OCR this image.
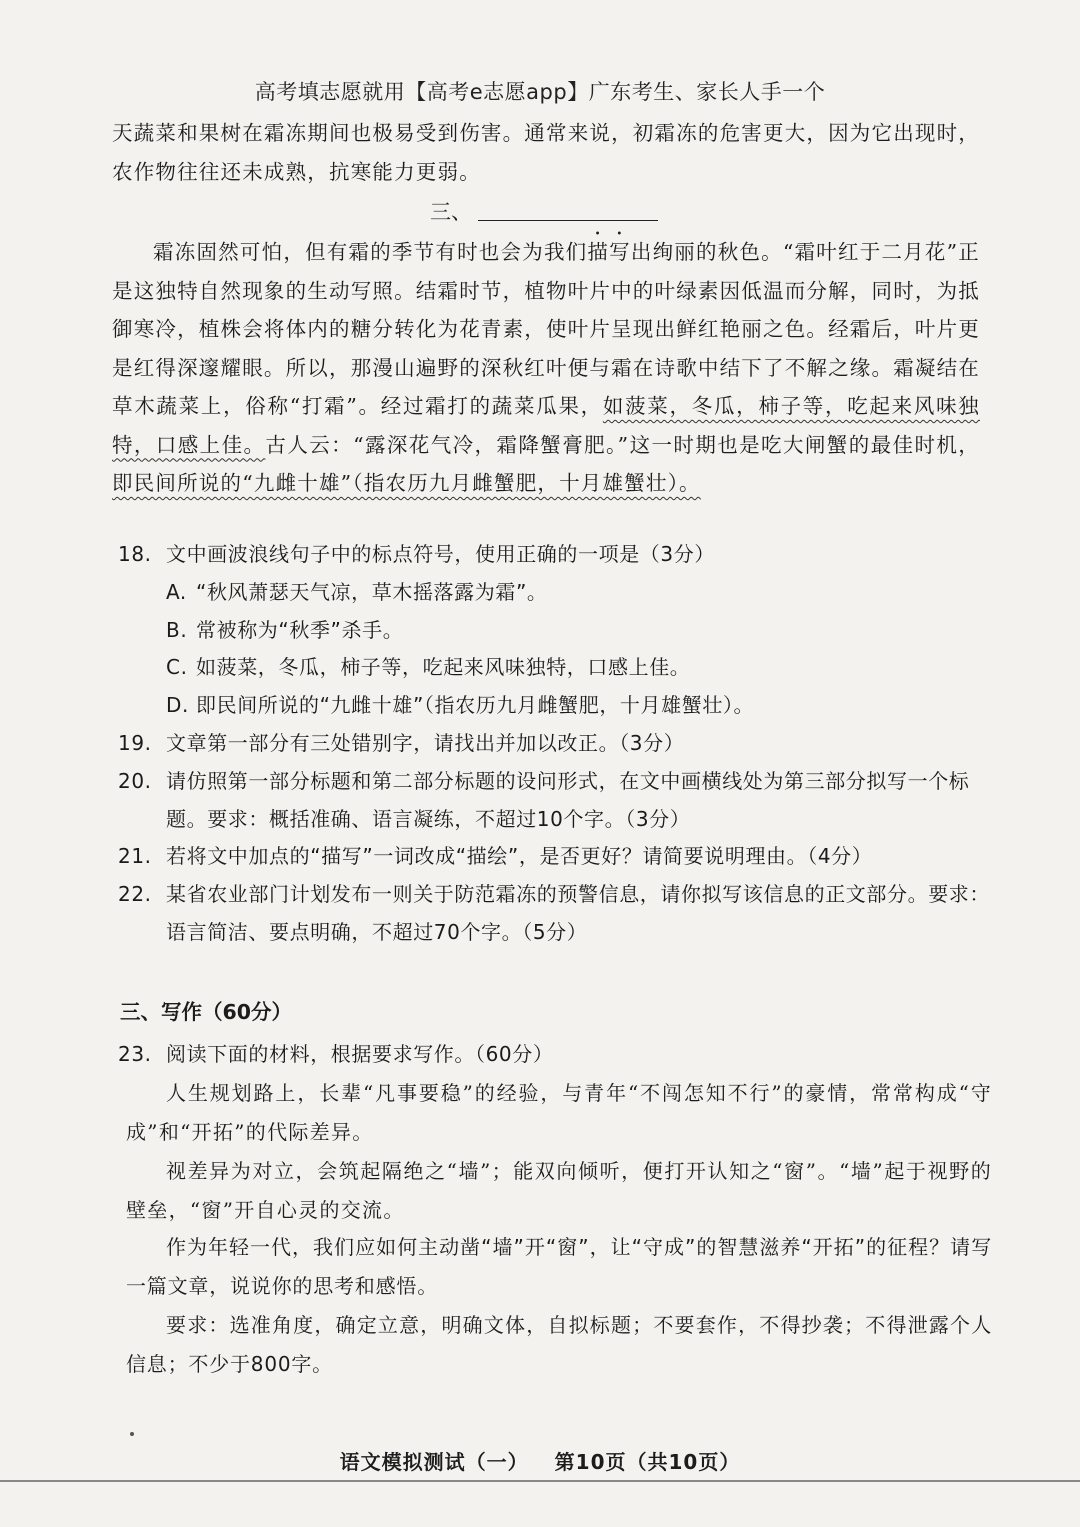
高考填志愿就用【高考e志愿app】广东考生、家长人手一个

天蔬菜和果树在霜冻期间也极易受到伤害。通常来说，初霜冻的危害更大，因为它出现时，农作物往往还未成熟，抗寒能力更弱。

三、

霜冻固然可怕，但有霜的季节有时也会为我们描写出绚丽的秋色。“霜叶红于二月花”正是这独特自然现象的生动写照。结霜时节，植物叶片中的叶绿素因低温而分解，同时，为抵御寒冷，植株会将体内的糖分转化为花青素，使叶片呈现出鲜红艳丽之色。经霜后，叶片更是红得深邃耀眼。所以，那漫山遍野的深秋红叶便与霜在诗歌中结下了不解之缘。霜凝结在草木蔬菜上，俗称“打霜”。经过霜打的蔬菜瓜果，如菠菜，冬瓜，柿子等，吃起来风味独特，口感上佳。古人云：“露深花气冷，霜降蟹膏肥。”这一时期也是吃大闸蟹的最佳时机，即民间所说的“九雌十雄”（指农历九月雌蟹肥，十月雄蟹壮）。

18. 文中画波浪线句子中的标点符号，使用正确的一项是（3分）

A. “秋风萧瑟天气凉，草木摇落露为霜”。

B. 常被称为“秋季”杀手。

C. 如菠菜，冬瓜，柿子等，吃起来风味独特，口感上佳。

D. 即民间所说的“九雌十雄”（指农历九月雌蟹肥，十月雄蟹壮）。

19. 文章第一部分有三处错别字，请找出并加以改正。（3分）

20. 请仿照第一部分标题和第二部分标题的设问形式，在文中画横线处为第三部分拟写一个标题。要求：概括准确、语言凝练，不超过10个字。（3分）

21. 若将文中加点的“描写”一词改成“描绘”，是否更好？请简要说明理由。（4分）

22. 某省农业部门计划发布一则关于防范霜冻的预警信息，请你拟写该信息的正文部分。要求：语言简洁、要点明确，不超过70个字。（5分）

三、写作（60分）

23. 阅读下面的材料，根据要求写作。（60分）

人生规划路上，长辈“凡事要稳”的经验，与青年“不闯怎知不行”的豪情，常常构成“守成”和“开拓”的代际差异。

视差异为对立，会筑起隔绝之“墙”；能双向倾听，便打开认知之“窗”。“墙”起于视野的壁垒，“窗”开自心灵的交流。

作为年轻一代，我们应如何主动凿“墙”开“窗”，让“守成”的智慧滋养“开拓”的征程？请写一篇文章，说说你的思考和感悟。

要求：选准角度，确定立意，明确文体，自拟标题；不要套作，不得抄袭；不得泄露个人信息；不少于800字。

语文模拟测试（一） 第10页（共10页）
